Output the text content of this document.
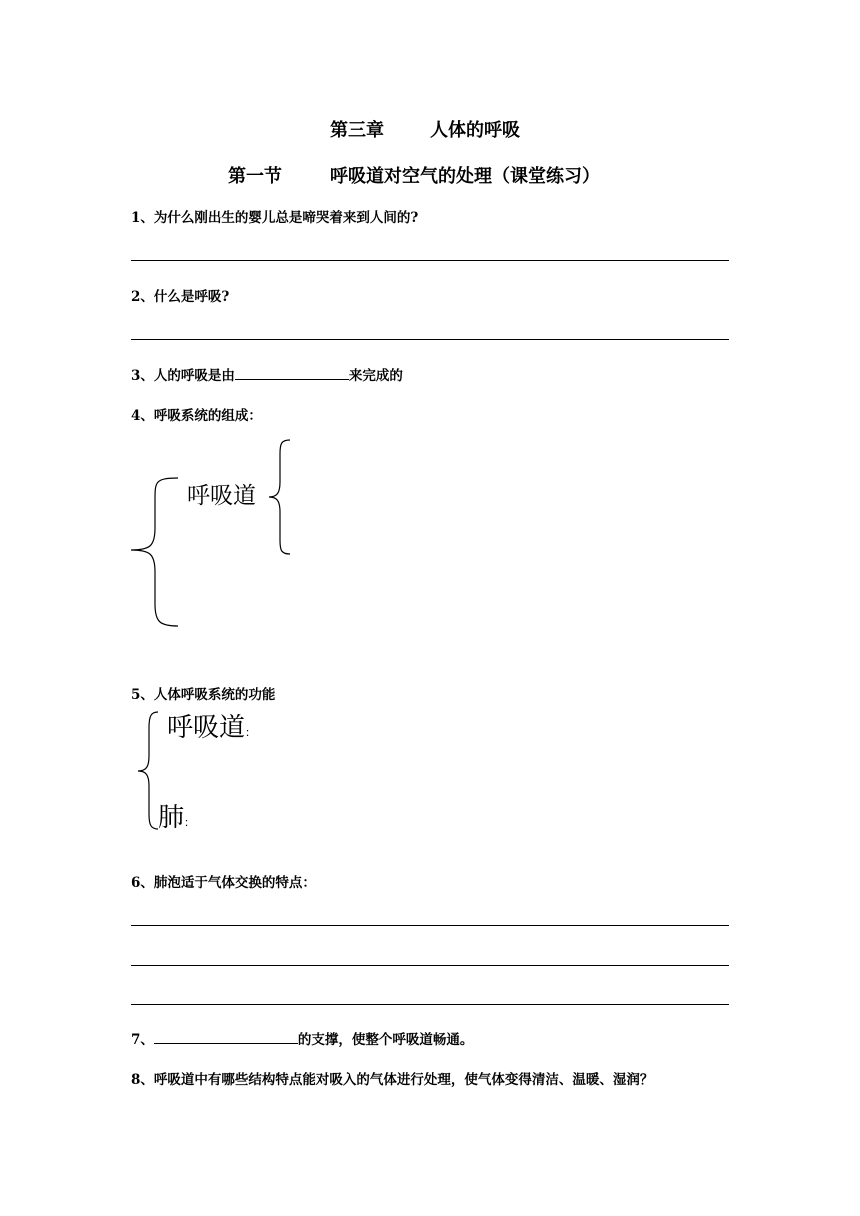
第三章	人体的呼吸
第一节	呼吸道对空气的处理（课堂练习）
1、为什么刚出生的婴儿总是啼哭着来到人间的?
2、什么是呼吸?
3、人的呼吸是由	来完成的
4、呼吸系统的组成：
呼吸道
5、人体呼吸系统的功能
呼吸道：
肺：
6、肺泡适于气体交换的特点：
7、	的支撑，使整个呼吸道畅通。
8、呼吸道中有哪些结构特点能对吸入的气体进行处理，使气体变得清洁、温暖、湿润？
